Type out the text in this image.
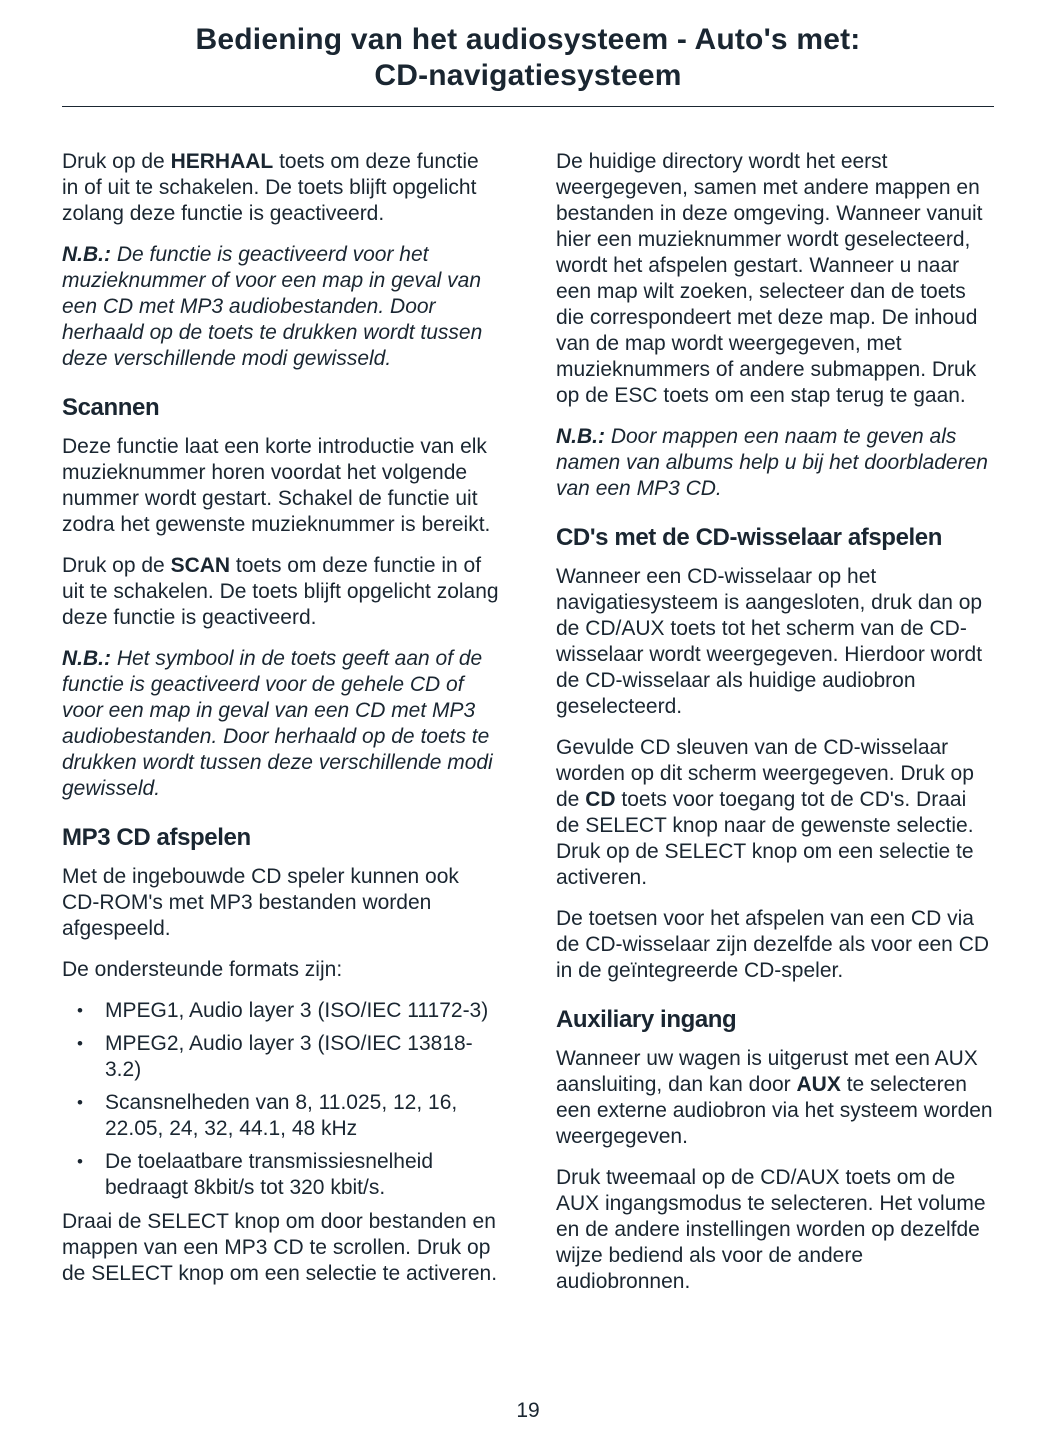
Bediening van het audiosysteem - Auto's met:
CD-navigatiesysteem

Druk op de HERHAAL toets om deze functie in of uit te schakelen. De toets blijft opgelicht zolang deze functie is geactiveerd.

N.B.: De functie is geactiveerd voor het muzieknummer of voor een map in geval van een CD met MP3 audiobestanden. Door herhaald op de toets te drukken wordt tussen deze verschillende modi gewisseld.

Scannen

Deze functie laat een korte introductie van elk muzieknummer horen voordat het volgende nummer wordt gestart. Schakel de functie uit zodra het gewenste muzieknummer is bereikt.

Druk op de SCAN toets om deze functie in of uit te schakelen. De toets blijft opgelicht zolang deze functie is geactiveerd.

N.B.: Het symbool in de toets geeft aan of de functie is geactiveerd voor de gehele CD of voor een map in geval van een CD met MP3 audiobestanden. Door herhaald op de toets te drukken wordt tussen deze verschillende modi gewisseld.

MP3 CD afspelen

Met de ingebouwde CD speler kunnen ook CD-ROM's met MP3 bestanden worden afgespeeld.

De ondersteunde formats zijn:

• MPEG1, Audio layer 3 (ISO/IEC 11172-3)
• MPEG2, Audio layer 3 (ISO/IEC 13818-3.2)
• Scansnelheden van 8, 11.025, 12, 16, 22.05, 24, 32, 44.1, 48 kHz
• De toelaatbare transmissiesnelheid bedraagt 8kbit/s tot 320 kbit/s.

Draai de SELECT knop om door bestanden en mappen van een MP3 CD te scrollen. Druk op de SELECT knop om een selectie te activeren.

De huidige directory wordt het eerst weergegeven, samen met andere mappen en bestanden in deze omgeving. Wanneer vanuit hier een muzieknummer wordt geselecteerd, wordt het afspelen gestart. Wanneer u naar een map wilt zoeken, selecteer dan de toets die correspondeert met deze map. De inhoud van de map wordt weergegeven, met muzieknummers of andere submappen. Druk op de ESC toets om een stap terug te gaan.

N.B.: Door mappen een naam te geven als namen van albums help u bij het doorbladeren van een MP3 CD.

CD's met de CD-wisselaar afspelen

Wanneer een CD-wisselaar op het navigatiesysteem is aangesloten, druk dan op de CD/AUX toets tot het scherm van de CD-wisselaar wordt weergegeven. Hierdoor wordt de CD-wisselaar als huidige audiobron geselecteerd.

Gevulde CD sleuven van de CD-wisselaar worden op dit scherm weergegeven. Druk op de CD toets voor toegang tot de CD's. Draai de SELECT knop naar de gewenste selectie. Druk op de SELECT knop om een selectie te activeren.

De toetsen voor het afspelen van een CD via de CD-wisselaar zijn dezelfde als voor een CD in de geïntegreerde CD-speler.

Auxiliary ingang

Wanneer uw wagen is uitgerust met een AUX aansluiting, dan kan door AUX te selecteren een externe audiobron via het systeem worden weergegeven.

Druk tweemaal op de CD/AUX toets om de AUX ingangsmodus te selecteren. Het volume en de andere instellingen worden op dezelfde wijze bediend als voor de andere audiobronnen.

19
